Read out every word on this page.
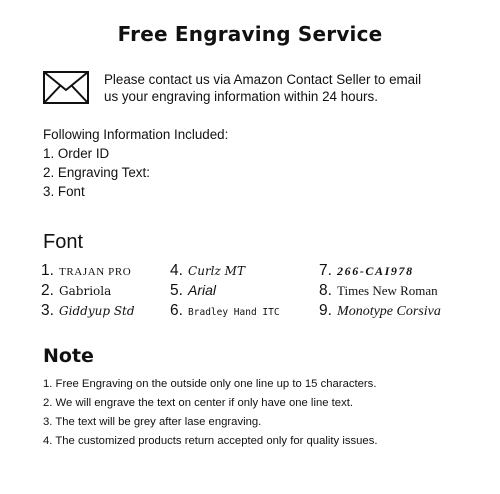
Free Engraving Service
Please contact us via Amazon Contact Seller to email
us your engraving information within 24 hours.
Following Information Included:
1. Order ID
2. Engraving Text:
3. Font
Font
1. TRAJAN PRO
2. Gabriola
3. Giddyup Std
4. Curlz MT
5. Arial
6. Bradley Hand ITC
7. 266-CAI978
8. Times New Roman
9. Monotype Corsiva
Note
1. Free Engraving on the outside only one line up to 15 characters.
2. We will engrave the text on center if only have one line text.
3. The text will be grey after lase engraving.
4. The customized products return accepted only for quality issues.
